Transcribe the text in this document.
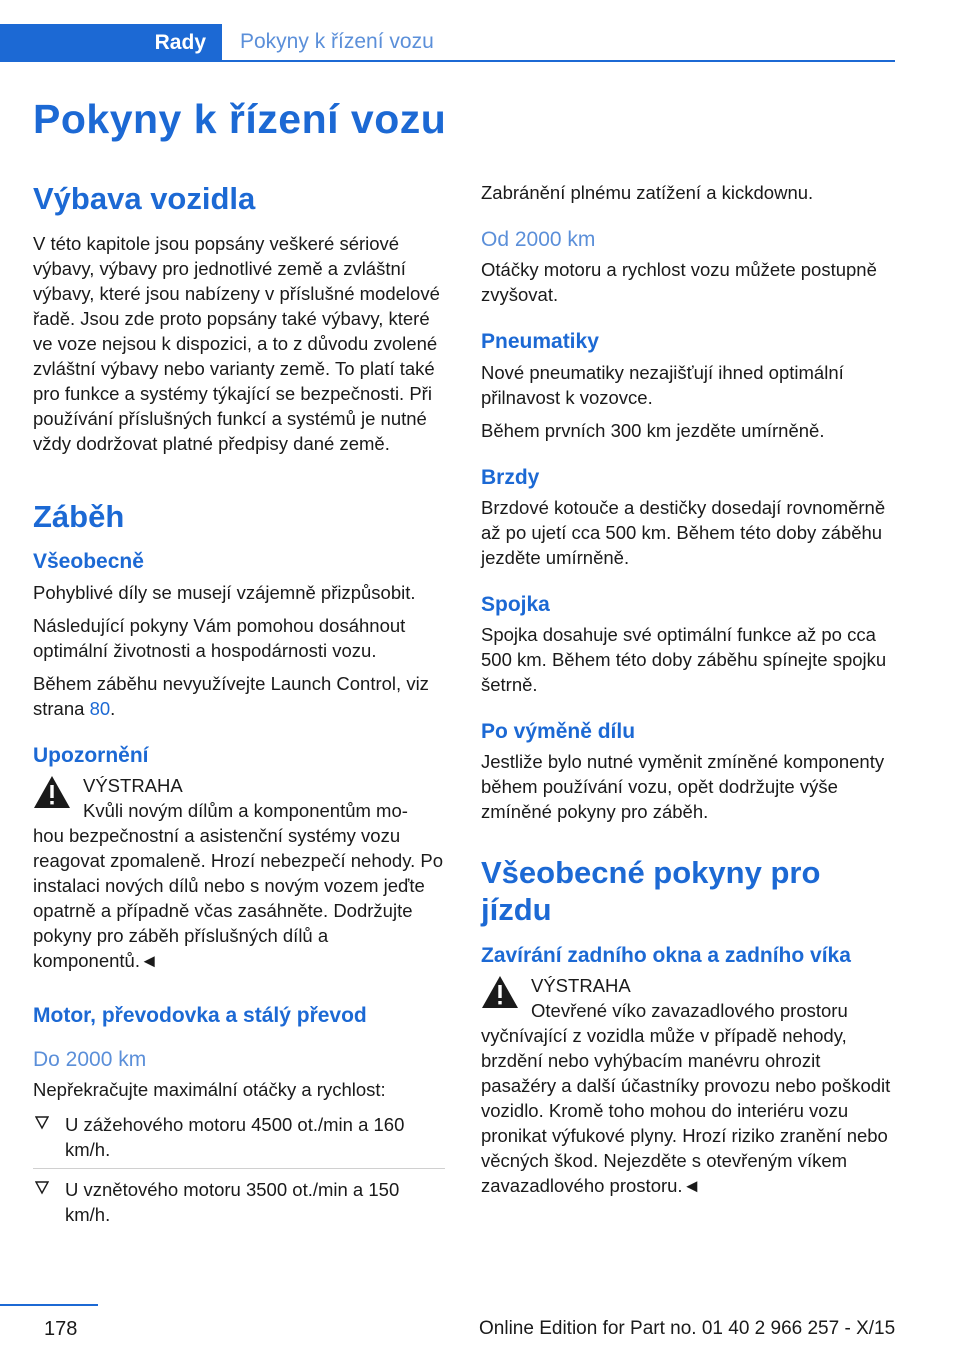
Rady	Pokyny k řízení vozu
Pokyny k řízení vozu
Výbava vozidla

V této kapitole jsou popsány veškeré sériové výbavy, výbavy pro jednotlivé země a zvláštní výbavy, které jsou nabízeny v příslušné modelové řadě. Jsou zde proto popsány také výbavy, které ve voze nejsou k dispozici, a to z důvodu zvolené zvláštní výbavy nebo varianty země. To platí také pro funkce a systémy týkající se bezpečnosti. Při používání příslušných funkcí a systémů je nutné vždy dodržovat platné předpisy dané země.

Záběh
Všeobecně

Pohyblivé díly se musejí vzájemně přizpůsobit.

Následující pokyny Vám pomohou dosáhnout optimální životnosti a hospodárnosti vozu.

Během záběhu nevyužívejte Launch Control, viz strana 80.

Upozornění
VÝSTRAHA
Kvůli novým dílům a komponentům mo-

hou bezpečnostní a asistenční systémy vozu reagovat zpomaleně. Hrozí nebezpečí nehody. Po instalaci nových dílů nebo s novým vozem jeďte opatrně a případně včas zasáhněte. Dodržujte pokyny pro záběh příslušných dílů a komponentů.◄

Motor, převodovka a stálý převod
Do 2000 km

Nepřekračujte maximální otáčky a rychlost:

U zážehového motoru 4500 ot./min a 160 km/h.
U vznětového motoru 3500 ot./min a 150 km/h.

Zabránění plnému zatížení a kickdownu.

Od 2000 km

Otáčky motoru a rychlost vozu můžete postupně zvyšovat.

Pneumatiky

Nové pneumatiky nezajišťují ihned optimální přilnavost k vozovce.

Během prvních 300 km jezděte umírněně.

Brzdy

Brzdové kotouče a destičky dosedají rovnoměrně až po ujetí cca 500 km. Během této doby záběhu jezděte umírněně.

Spojka

Spojka dosahuje své optimální funkce až po cca 500 km. Během této doby záběhu spínejte spojku šetrně.

Po výměně dílu

Jestliže bylo nutné vyměnit zmíněné komponenty během používání vozu, opět dodržujte výše zmíněné pokyny pro záběh.

Všeobecné pokyny pro jízdu
Zavírání zadního okna a zadního víka
VÝSTRAHA
Otevřené víko zavazadlového prostoru

vyčnívající z vozidla může v případě nehody, brzdění nebo vyhýbacím manévru ohrozit pasažéry a další účastníky provozu nebo poškodit vozidlo. Kromě toho mohou do interiéru vozu pronikat výfukové plyny. Hrozí riziko zranění nebo věcných škod. Nejezděte s otevřeným víkem zavazadlového prostoru.◄

178	Online Edition for Part no. 01 40 2 966 257 - X/15
